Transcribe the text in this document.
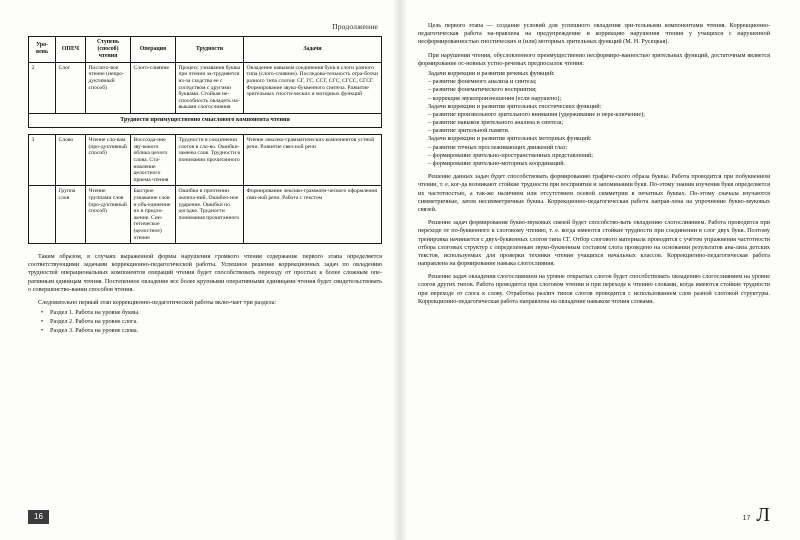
Продолжение
Уро-вень	ОПЕЧ	Ступень (способ) чтения	Операция	Трудности	Задачи
2	Слог	Послого-вое чтение (непро-дуктивный способ)	Слого-слияние	Процесс узнавания буквы при чтении за-трудняется из-за сходства ее с соседством с другими буквами. Стойкая не-способность овладеть на-выками слогослияния	Овладение навыком соединения букв в слоги разного типа (слого-слияние). Последова-тельность отра-ботки разного типа слогов: СГ, ГС, ССГ, СГС, СГСС, СГСГ. Формирование звуко-буквенного синтеза. Развитие зрительных гности-ческих и моторных функций
Трудности преимущественно смыслового компонента чтения					
3	Слово	Чтение сло-вам (про-дуктивный способ)	Воссозда-ние зву-кового облика целого слова. Ста-новление целостного приема чтения	Трудности в соединении слогов в сло-во. Ошибки-замены слов. Трудности в понимании прочитанного	Чтение лексико-грамматических компонентов устной речи. Развитие связ-ной речи
	Группа слов	Чтение группами слов (про-дуктивный способ)	Быстрое узнавание слов и объ-единение их в предло-жение. Син-тетическое (целостное) чтение	Ошибки в прочтении оконча-ний. Ошибоч-ное ударение. Ошибки по догадке. Трудности понимания прочитанного	Формирование лексико-граммати-ческого оформления связ-ной речи. Работа с текстом

Таким образом, в случаях выраженной формы нарушения громкого чтения содержание первого этапа определяется соответствующими задачами коррекционно-педагогической работы. Успешное решение коррекционных задач по овладению трудностей операциональных компонентов операций чтения будет способствовать переходу от простых к более сложным опе-ративным единицам чтения. Постепенное овладение все более крупными оперативными единицами чтения будет свидетельствовать о совершенство-вании способов чтения.

Следовательно первый этап коррекционно-педагогической работы вклю-чает три раздела:

• Раздел 1. Работа на уровне буквы.
• Раздел 2. Работа на уровне слога.
• Раздел 3. Работа на уровне слова.
16

Цель первого этапа — создание условий для успешного овладения зри-тельными компонентами чтения. Коррекционно-педагогическая работа на-правлена на предупреждение и коррекцию нарушения чтения у учащихся с нарушенной несформированностью гностических и (или) моторных зрительных функций (М. Н. Русецкая).

При нарушении чтения, обусловленного преимущественно несформиро-ванностью зрительных функций, достаточным является формирование ос-новных устно-речевых предпосылок чтения:

Задачи коррекции и развития речевых функций:
– развитие фонемного анализа и синтеза;
– развитие фонематического восприятия;
– коррекция звукопроизношения (если нарушено);
Задачи коррекции и развития зрительных гностических функций:
– развитие произвольного зрительного внимания (удерживание и пере-ключение);
– развитие навыков зрительного анализа и синтеза;
– развитие зрительной памяти.
Задачи коррекции и развития зрительных моторных функций:
– развитие точных прослеживающих движений глаз;
– формирование зрительно-пространственных представлений;
– формирование зрительно-моторных координаций.

Решение данных задач будет способствовать формированию графиче-ского образа буквы. Работа проводится при побуквенном чтении, т. е. ког-да возникают стойкие трудности при восприятии и запоминании букв. По-этому знания изучения букв определяется их частотностью, а так-же наличием или отсутствием осевой симметрии в печатных буквах. По-этому сначала изучаются симметричные, затем несимметричные буквы. Коррекционно-педагогическая работа направ-лена на упрочнение букво-звуковых связей.

Решение задач формирования букво-звуковых связей будет способство-вать овладению слогослиянием. Работа проводится при переходе от по-буквенного к слоговому чтению, т. е. когда имеются стойкие трудности при соединении в слог двух букв. Поэтому тренировка начинается с двух-буквенных слогов типа СГ. Отбор слогового материала проводится с учётом упражнения частотности отбора слоговых структур с определенным звуко-буквенным составом слога проведено на основании результатов ана-лиза детских текстов, используемых для проверки техники чтения учащихся начальных классов. Коррекционно-педагогическая работа направлена на формирование навыка слогослияния.

Решение задач овладения слогослиянием на уровне открытых слогов будет способствовать овладению слогослиянием на уровне слогов других типов. Работа проводится при слоговом чтении и при переходе к чтению словами, когда имеются стойкие трудности при переходе от слога к слову. Отработка различ типов слогов проводится с использованием слов разной слоговой структуры. Коррекционно-педагогическая работа направлена на овладение навыком чтения словами.

17 Л
